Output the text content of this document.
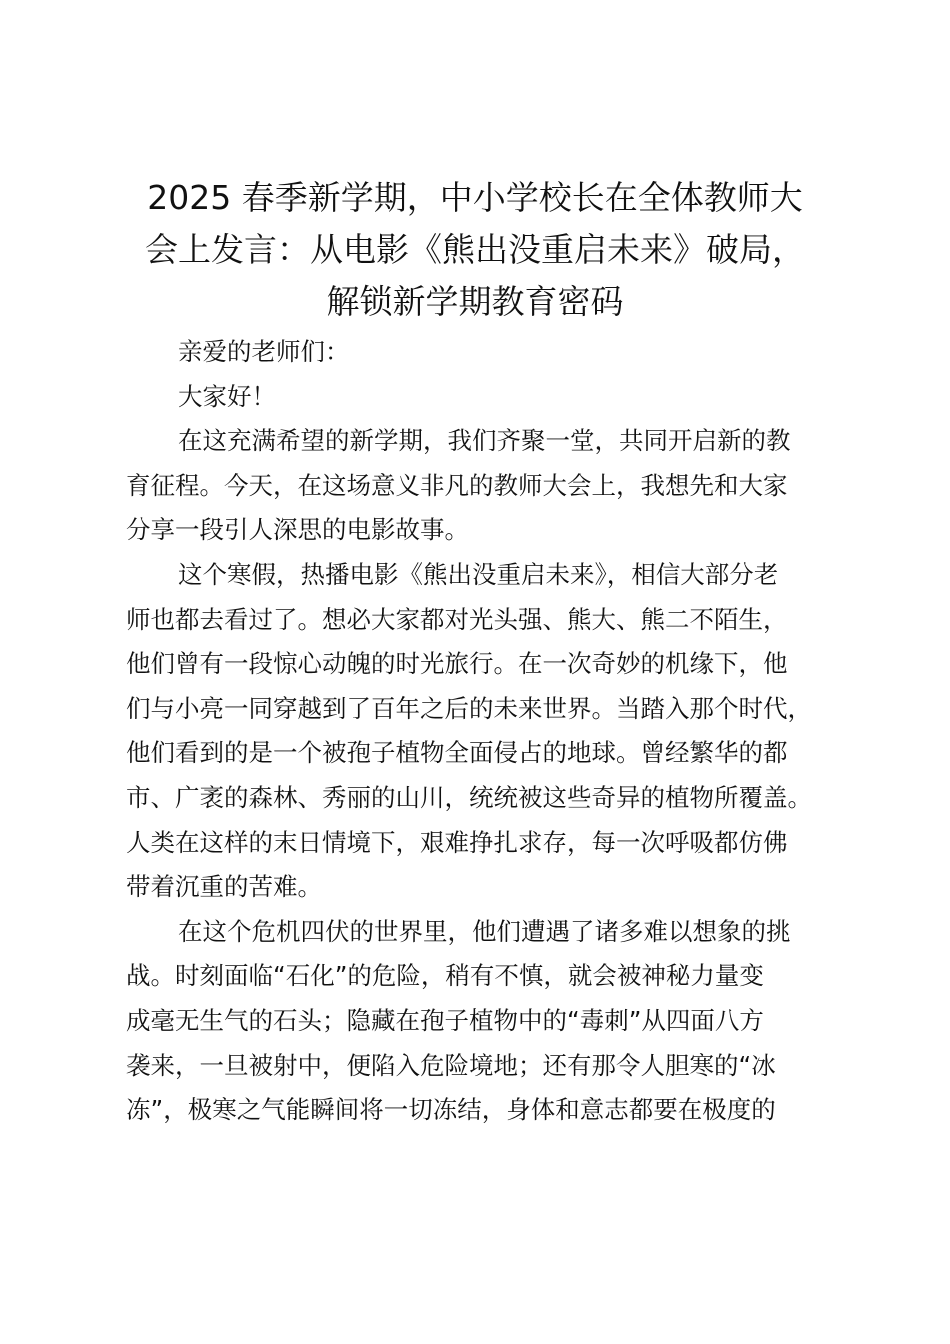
2025 春季新学期，中小学校长在全体教师大
会上发言：从电影《熊出没重启未来》破局，
解锁新学期教育密码
亲爱的老师们：
大家好！
在这充满希望的新学期，我们齐聚一堂，共同开启新的教
育征程。今天，在这场意义非凡的教师大会上，我想先和大家
分享一段引人深思的电影故事。
这个寒假，热播电影《熊出没重启未来》，相信大部分老
师也都去看过了。想必大家都对光头强、熊大、熊二不陌生，
他们曾有一段惊心动魄的时光旅行。在一次奇妙的机缘下，他
们与小亮一同穿越到了百年之后的未来世界。当踏入那个时代，
他们看到的是一个被孢子植物全面侵占的地球。曾经繁华的都
市、广袤的森林、秀丽的山川，统统被这些奇异的植物所覆盖。
人类在这样的末日情境下，艰难挣扎求存，每一次呼吸都仿佛
带着沉重的苦难。
在这个危机四伏的世界里，他们遭遇了诸多难以想象的挑
战。时刻面临“石化”的危险，稍有不慎，就会被神秘力量变
成毫无生气的石头；隐藏在孢子植物中的“毒刺”从四面八方
袭来，一旦被射中，便陷入危险境地；还有那令人胆寒的“冰
冻”，极寒之气能瞬间将一切冻结，身体和意志都要在极度的
